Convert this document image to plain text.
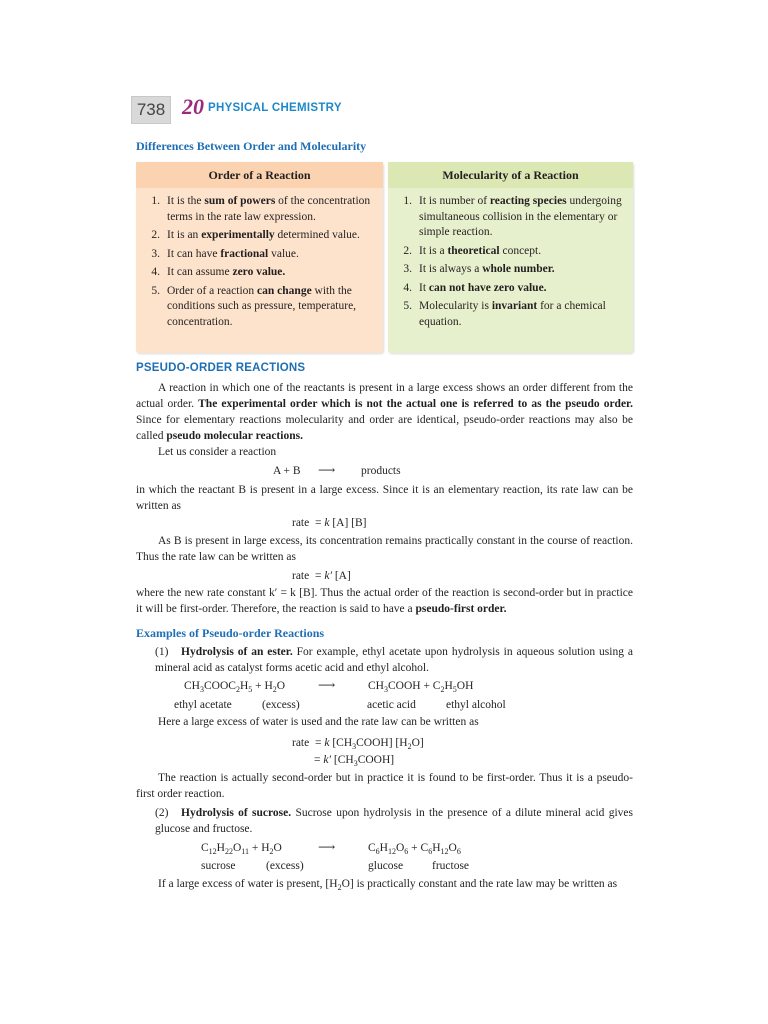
738 20 PHYSICAL CHEMISTRY
Differences Between Order and Molecularity
Order of a Reaction
1. It is the sum of powers of the concentration terms in the rate law expression.
2. It is an experimentally determined value.
3. It can have fractional value.
4. It can assume zero value.
5. Order of a reaction can change with the conditions such as pressure, temperature, concentration.
Molecularity of a Reaction
1. It is number of reacting species undergoing simultaneous collision in the elementary or simple reaction.
2. It is a theoretical concept.
3. It is always a whole number.
4. It can not have zero value.
5. Molecularity is invariant for a chemical equation.
PSEUDO-ORDER REACTIONS
A reaction in which one of the reactants is present in a large excess shows an order different from the actual order. The experimental order which is not the actual one is referred to as the pseudo order. Since for elementary reactions molecularity and order are identical, pseudo-order reactions may also be called pseudo molecular reactions.
Let us consider a reaction
A + B ⟶ products
in which the reactant B is present in a large excess. Since it is an elementary reaction, its rate law can be written as
rate  = k [A] [B]
As B is present in large excess, its concentration remains practically constant in the course of reaction. Thus the rate law can be written as
rate  = k′ [A]
where the new rate constant k′ = k [B]. Thus the actual order of the reaction is second-order but in practice it will be first-order. Therefore, the reaction is said to have a pseudo-first order.
Examples of Pseudo-order Reactions
(1) Hydrolysis of an ester. For example, ethyl acetate upon hydrolysis in aqueous solution using a mineral acid as catalyst forms acetic acid and ethyl alcohol.
$CH_3COOC_2H_5 + H_2O$	⟶	$CH_3COOH + C_2H_5OH$
ethyl acetate	(excess)	acetic acid	ethyl alcohol
Here a large excess of water is used and the rate law can be written as
rate  = k $[CH_3COOH]$ $[H_2O]$
= k′ $[CH_3COOH]$
The reaction is actually second-order but in practice it is found to be first-order. Thus it is a pseudo-first order reaction.
(2) Hydrolysis of sucrose. Sucrose upon hydrolysis in the presence of a dilute mineral acid gives glucose and fructose.
$C_{12}H_{22}O_{11} + H_2O$	⟶	$C_6H_{12}O_6 + C_6H_{12}O_6$
sucrose	(excess)	glucose	fructose
If a large excess of water is present, $[H_2O]$ is practically constant and the rate law may be written as
